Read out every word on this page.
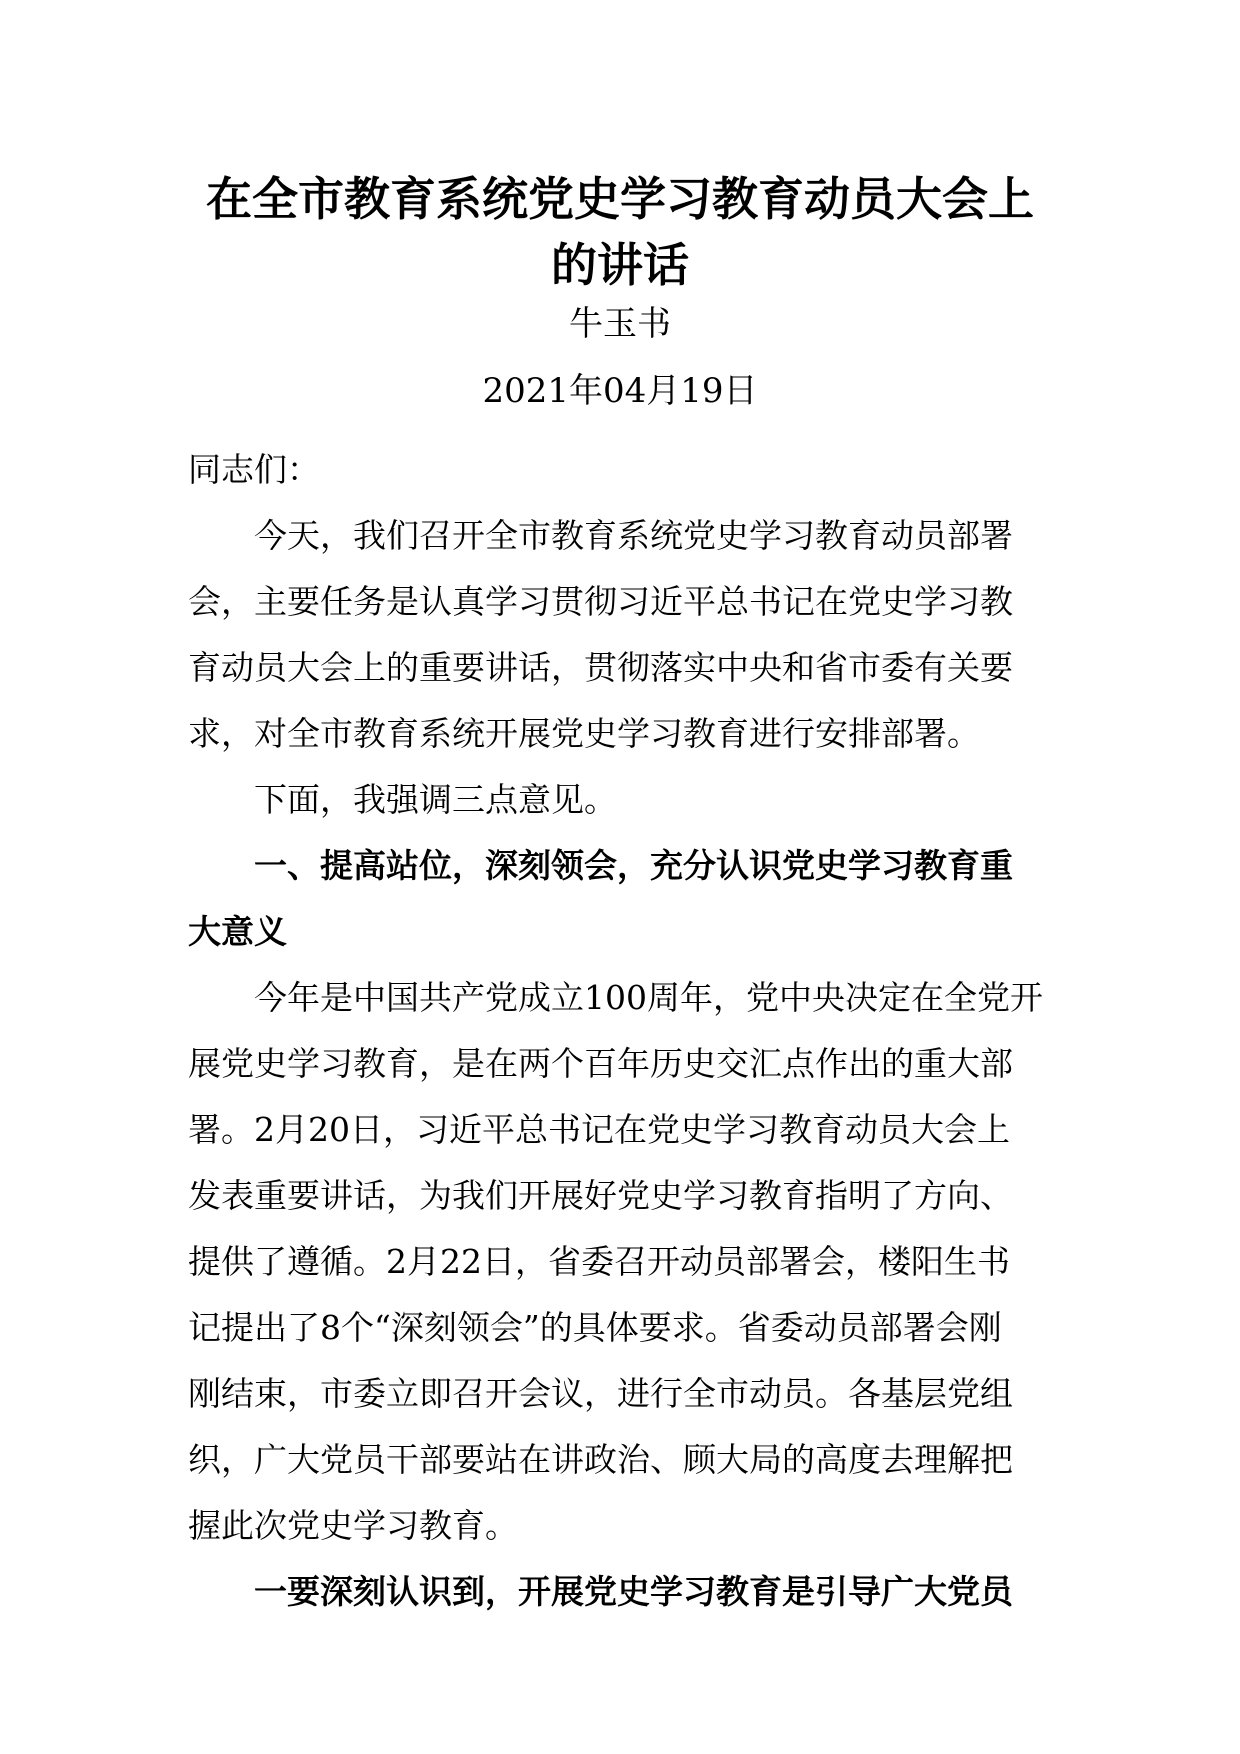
在全市教育系统党史学习教育动员大会上
的讲话
牛玉书
2021年04月19日

同志们：

今天，我们召开全市教育系统党史学习教育动员部署
会，主要任务是认真学习贯彻习近平总书记在党史学习教
育动员大会上的重要讲话，贯彻落实中央和省市委有关要
求，对全市教育系统开展党史学习教育进行安排部署。

下面，我强调三点意见。

一、提高站位，深刻领会，充分认识党史学习教育重
大意义

今年是中国共产党成立100周年，党中央决定在全党开
展党史学习教育，是在两个百年历史交汇点作出的重大部
署。2月20日，习近平总书记在党史学习教育动员大会上
发表重要讲话，为我们开展好党史学习教育指明了方向、
提供了遵循。2月22日，省委召开动员部署会，楼阳生书
记提出了8个“深刻领会”的具体要求。省委动员部署会刚
刚结束，市委立即召开会议，进行全市动员。各基层党组
织，广大党员干部要站在讲政治、顾大局的高度去理解把
握此次党史学习教育。

一要深刻认识到，开展党史学习教育是引导广大党员
